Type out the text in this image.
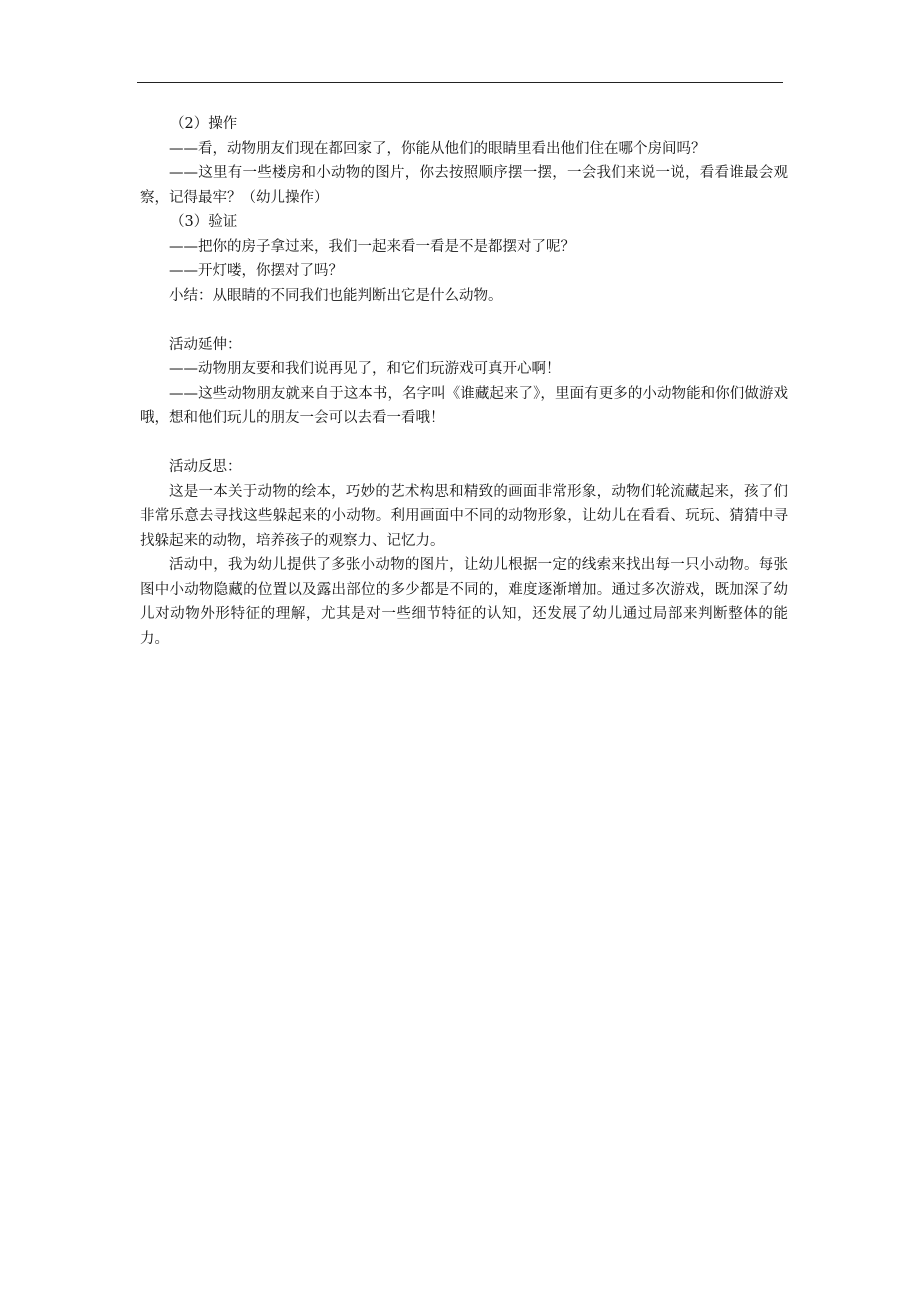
（2）操作
——看，动物朋友们现在都回家了，你能从他们的眼睛里看出他们住在哪个房间吗？
——这里有一些楼房和小动物的图片，你去按照顺序摆一摆，一会我们来说一说，看看谁最会观察，记得最牢？（幼儿操作）
（3）验证
——把你的房子拿过来，我们一起来看一看是不是都摆对了呢？
——开灯喽，你摆对了吗？
小结：从眼睛的不同我们也能判断出它是什么动物。
活动延伸：
——动物朋友要和我们说再见了，和它们玩游戏可真开心啊！
——这些动物朋友就来自于这本书，名字叫《谁藏起来了》，里面有更多的小动物能和你们做游戏哦，想和他们玩儿的朋友一会可以去看一看哦！
活动反思：
这是一本关于动物的绘本，巧妙的艺术构思和精致的画面非常形象，动物们轮流藏起来，孩了们非常乐意去寻找这些躲起来的小动物。利用画面中不同的动物形象，让幼儿在看看、玩玩、猜猜中寻找躲起来的动物，培养孩子的观察力、记忆力。
活动中，我为幼儿提供了多张小动物的图片，让幼儿根据一定的线索来找出每一只小动物。每张图中小动物隐藏的位置以及露出部位的多少都是不同的，难度逐渐增加。通过多次游戏，既加深了幼儿对动物外形特征的理解，尤其是对一些细节特征的认知，还发展了幼儿通过局部来判断整体的能力。
